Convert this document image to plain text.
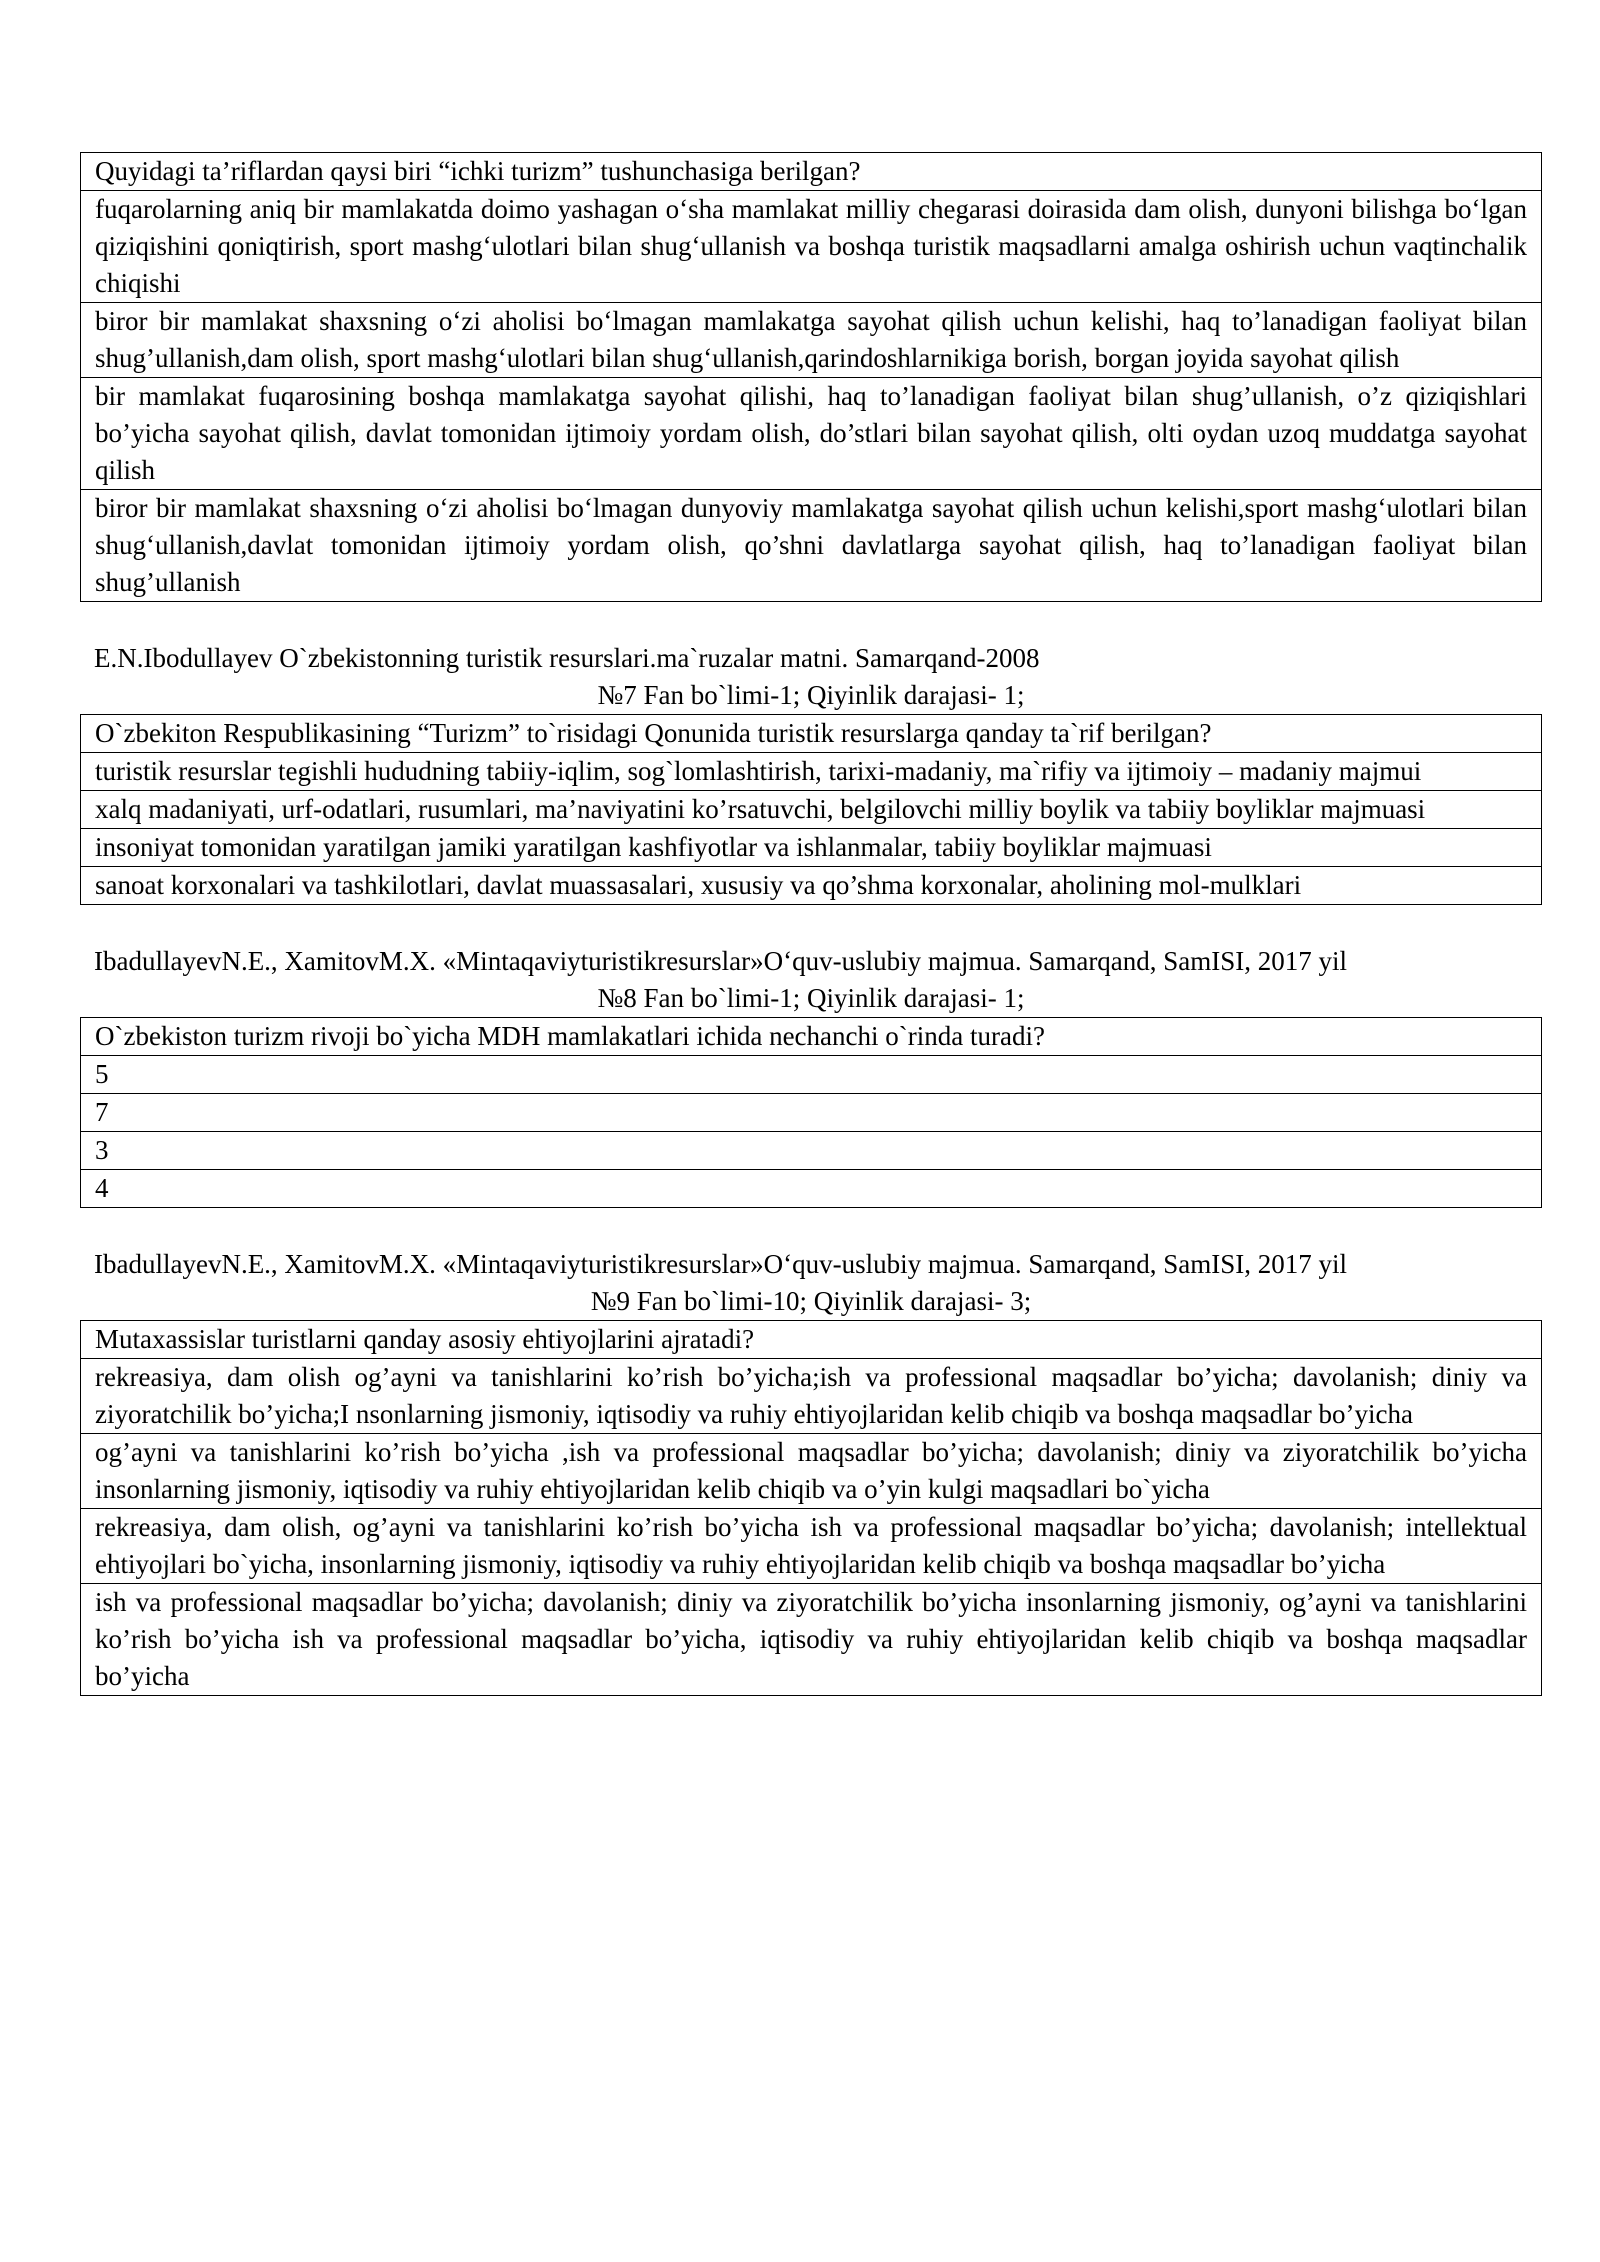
Quyidagi ta’riflardan qaysi biri “ichki turizm” tushunchasiga berilgan?
fuqarolarning aniq bir mamlakatda doimo yashagan o‘sha mamlakat milliy chegarasi doirasida dam olish, dunyoni bilishga bo‘lgan qiziqishini qoniqtirish, sport mashg‘ulotlari bilan shug‘ullanish va boshqa turistik maqsadlarni amalga oshirish uchun vaqtinchalik chiqishi
biror bir mamlakat shaxsning o‘zi aholisi bo‘lmagan mamlakatga sayohat qilish uchun kelishi, haq to’lanadigan faoliyat bilan shug’ullanish,dam olish, sport mashg‘ulotlari bilan shug‘ullanish,qarindoshlarnikiga borish, borgan joyida sayohat qilish
bir mamlakat fuqarosining boshqa mamlakatga sayohat qilishi, haq to’lanadigan faoliyat bilan shug’ullanish, o’z qiziqishlari bo’yicha sayohat qilish, davlat tomonidan ijtimoiy yordam olish, do’stlari bilan sayohat qilish, olti oydan uzoq muddatga sayohat qilish
biror bir mamlakat shaxsning o‘zi aholisi bo‘lmagan dunyoviy mamlakatga sayohat qilish uchun kelishi,sport mashg‘ulotlari bilan shug‘ullanish,davlat tomonidan ijtimoiy yordam olish, qo’shni davlatlarga sayohat qilish, haq to’lanadigan faoliyat bilan shug’ullanish
E.N.Ibodullayev O`zbekistonning turistik resurslari.ma`ruzalar matni. Samarqand-2008
№7 Fan bo`limi-1; Qiyinlik darajasi- 1;
O`zbekiton Respublikasining “Turizm” to`risidagi Qonunida turistik resurslarga qanday ta`rif berilgan?
turistik resurslar tegishli hududning tabiiy-iqlim, sog`lomlashtirish, tarixi-madaniy, ma`rifiy va ijtimoiy – madaniy majmui
xalq madaniyati, urf-odatlari, rusumlari, ma’naviyatini ko’rsatuvchi, belgilovchi milliy boylik va tabiiy boyliklar majmuasi
insoniyat tomonidan yaratilgan jamiki yaratilgan kashfiyotlar va ishlanmalar, tabiiy boyliklar majmuasi
sanoat korxonalari va tashkilotlari, davlat muassasalari, xususiy va qo’shma korxonalar, aholining mol-mulklari
IbadullayevN.E., XamitovM.X. «Mintaqaviyturistikresurslar»O‘quv-uslubiy majmua. Samarqand, SamISI, 2017 yil
№8 Fan bo`limi-1; Qiyinlik darajasi- 1;
O`zbekiston turizm rivoji bo`yicha MDH mamlakatlari ichida nechanchi o`rinda turadi?
5
7
3
4
IbadullayevN.E., XamitovM.X. «Mintaqaviyturistikresurslar»O‘quv-uslubiy majmua. Samarqand, SamISI, 2017 yil
№9 Fan bo`limi-10; Qiyinlik darajasi- 3;
Mutaxassislar turistlarni qanday asosiy ehtiyojlarini ajratadi?
rekreasiya, dam olish og’ayni va tanishlarini ko’rish bo’yicha;ish va professional maqsadlar bo’yicha; davolanish; diniy va ziyoratchilik bo’yicha;I nsonlarning jismoniy, iqtisodiy va ruhiy ehtiyojlaridan kelib chiqib va boshqa maqsadlar bo’yicha
og’ayni va tanishlarini ko’rish bo’yicha ,ish va professional maqsadlar bo’yicha; davolanish; diniy va ziyoratchilik bo’yicha insonlarning jismoniy, iqtisodiy va ruhiy ehtiyojlaridan kelib chiqib va o’yin kulgi maqsadlari bo`yicha
rekreasiya, dam olish, og’ayni va tanishlarini ko’rish bo’yicha ish va professional maqsadlar bo’yicha; davolanish; intellektual ehtiyojlari bo`yicha, insonlarning jismoniy, iqtisodiy va ruhiy ehtiyojlaridan kelib chiqib va boshqa maqsadlar bo’yicha
ish va professional maqsadlar bo’yicha; davolanish; diniy va ziyoratchilik bo’yicha insonlarning jismoniy, og’ayni va tanishlarini ko’rish bo’yicha ish va professional maqsadlar bo’yicha, iqtisodiy va ruhiy ehtiyojlaridan kelib chiqib va boshqa maqsadlar bo’yicha
